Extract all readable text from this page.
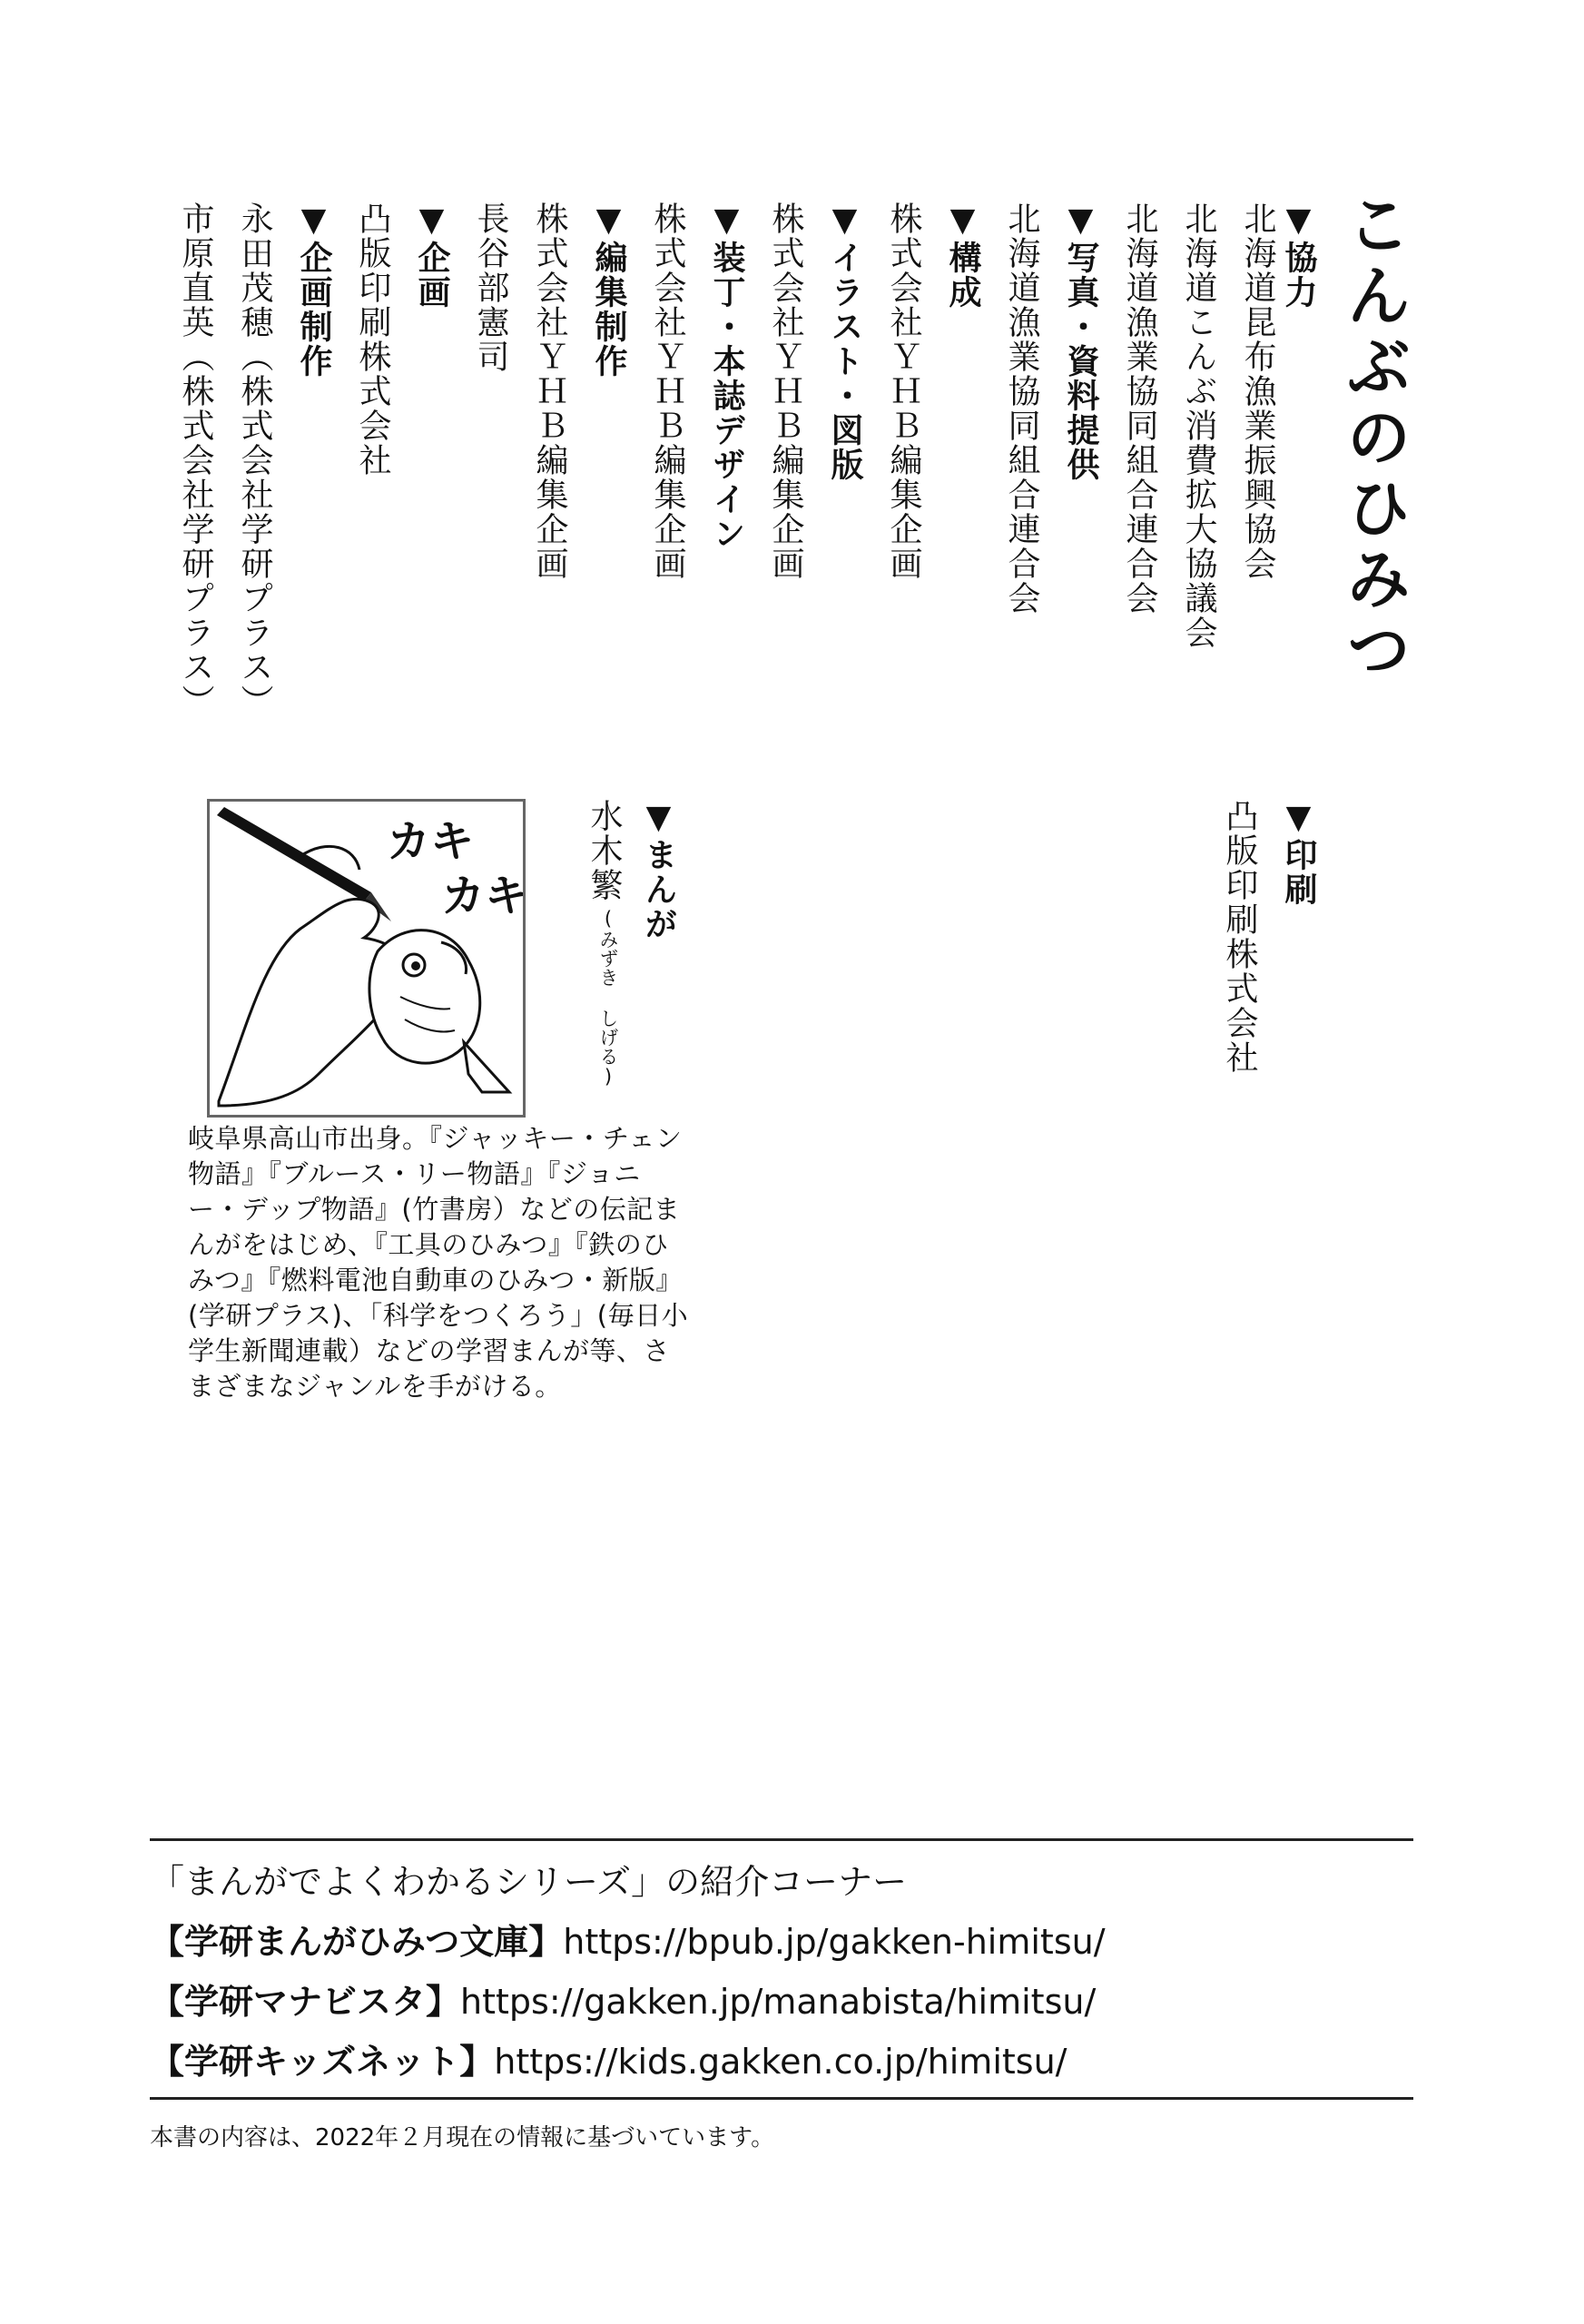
こんぶのひみつ
▼協力
北海道昆布漁業振興協会
北海道こんぶ消費拡大協議会
北海道漁業協同組合連合会
▼写真・資料提供
北海道漁業協同組合連合会
▼構成
株式会社ＹＨＢ編集企画
▼イラスト・図版
株式会社ＹＨＢ編集企画
▼装丁・本誌デザイン
株式会社ＹＨＢ編集企画
▼編集制作
株式会社ＹＨＢ編集企画
長谷部憲司
▼企画
凸版印刷株式会社
▼企画制作
永田茂穂（株式会社学研プラス）
市原直英（株式会社学研プラス）
▼印刷
凸版印刷株式会社
▼まんが
水木繁
(みずき しげる)
カキ
カキ
岐阜県高山市出身。『ジャッキー・チェン物語』『ブルース・リー物語』『ジョニー・デップ物語』(竹書房）などの伝記まんがをはじめ、『工具のひみつ』『鉄のひみつ』『燃料電池自動車のひみつ・新版』(学研プラス)、「科学をつくろう」(毎日小学生新聞連載）などの学習まんが等、さまざまなジャンルを手がける。
「まんがでよくわかるシリーズ」の紹介コーナー
【学研まんがひみつ文庫】https://bpub.jp/gakken-himitsu/
【学研マナビスタ】https://gakken.jp/manabista/himitsu/
【学研キッズネット】https://kids.gakken.co.jp/himitsu/
本書の内容は、2022年２月現在の情報に基づいています。
